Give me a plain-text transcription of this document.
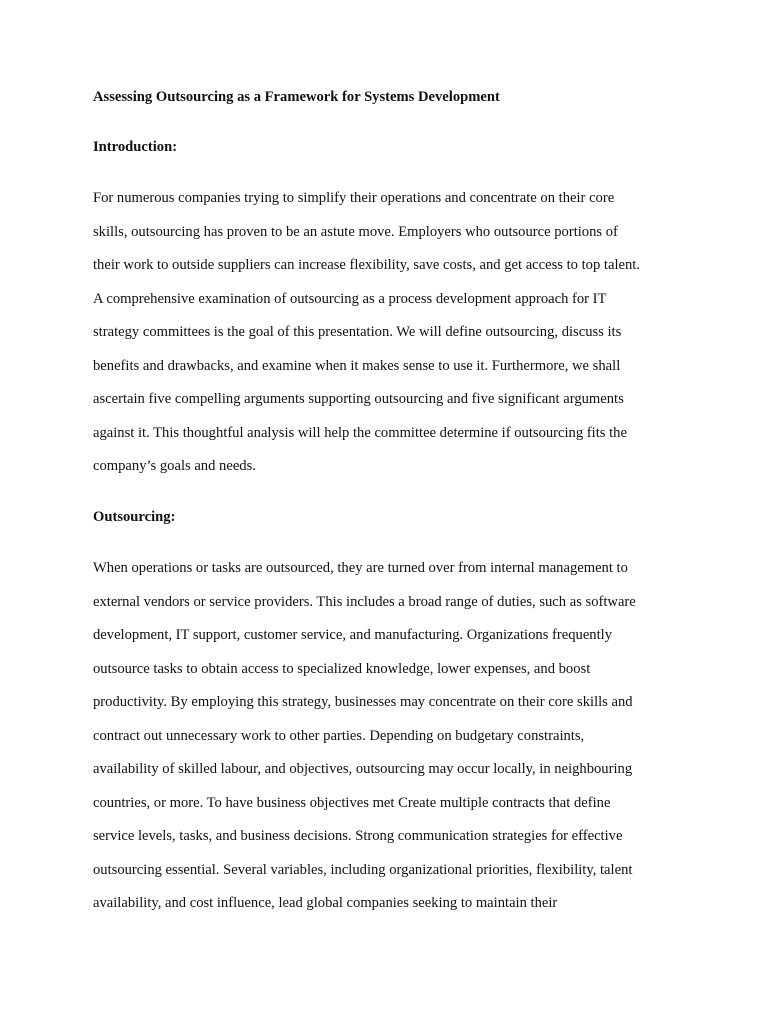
Assessing Outsourcing as a Framework for Systems Development
Introduction:
For numerous companies trying to simplify their operations and concentrate on their core
skills, outsourcing has proven to be an astute move. Employers who outsource portions of
their work to outside suppliers can increase flexibility, save costs, and get access to top talent.
A comprehensive examination of outsourcing as a process development approach for IT
strategy committees is the goal of this presentation. We will define outsourcing, discuss its
benefits and drawbacks, and examine when it makes sense to use it. Furthermore, we shall
ascertain five compelling arguments supporting outsourcing and five significant arguments
against it. This thoughtful analysis will help the committee determine if outsourcing fits the
company’s goals and needs.
Outsourcing:
When operations or tasks are outsourced, they are turned over from internal management to
external vendors or service providers. This includes a broad range of duties, such as software
development, IT support, customer service, and manufacturing. Organizations frequently
outsource tasks to obtain access to specialized knowledge, lower expenses, and boost
productivity. By employing this strategy, businesses may concentrate on their core skills and
contract out unnecessary work to other parties. Depending on budgetary constraints,
availability of skilled labour, and objectives, outsourcing may occur locally, in neighbouring
countries, or more. To have business objectives met Create multiple contracts that define
service levels, tasks, and business decisions. Strong communication strategies for effective
outsourcing essential. Several variables, including organizational priorities, flexibility, talent
availability, and cost influence, lead global companies seeking to maintain their
